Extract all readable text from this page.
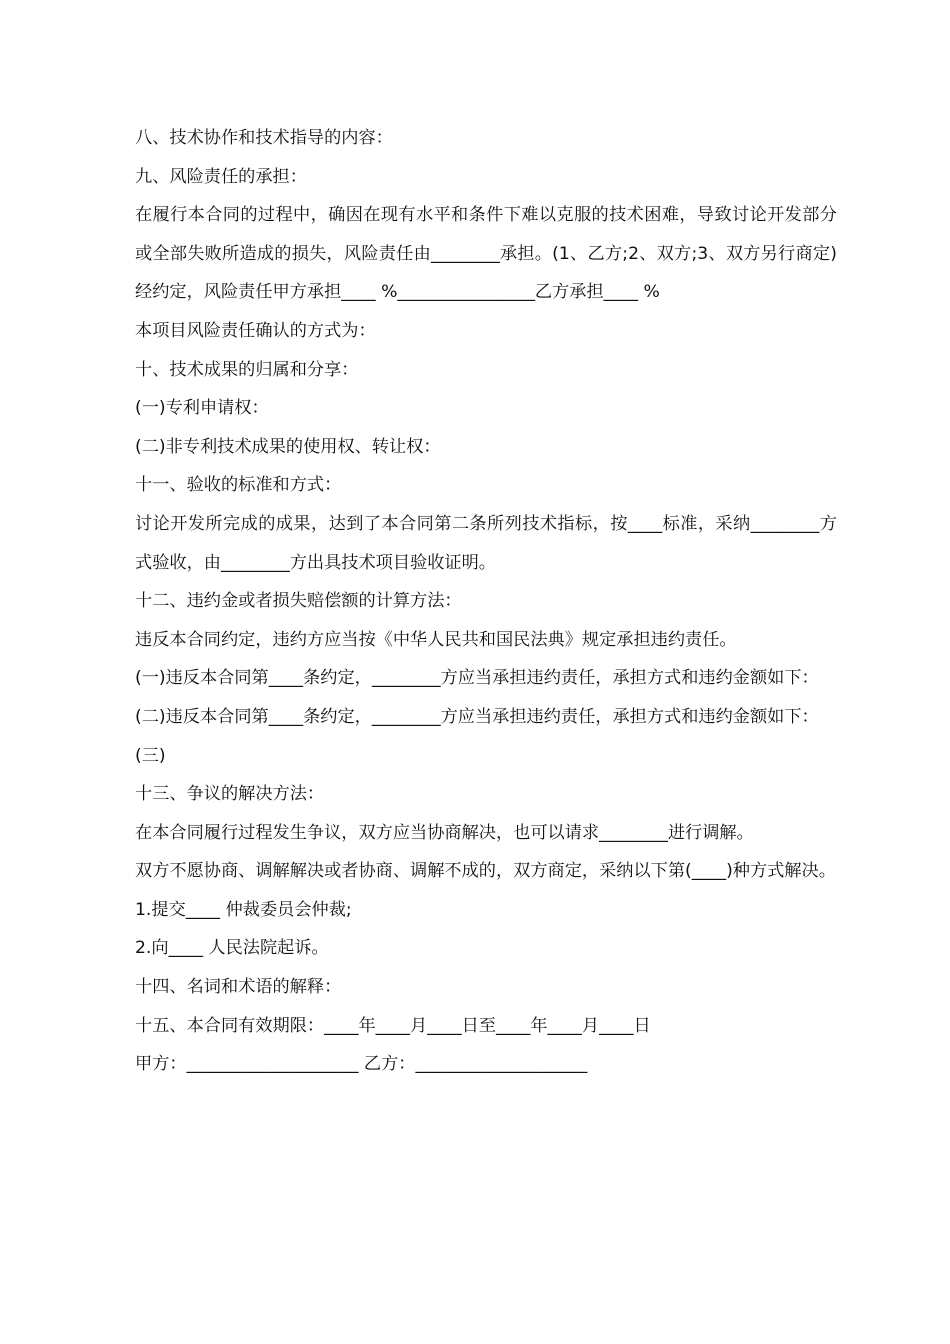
八、技术协作和技术指导的内容：

九、风险责任的承担：

在履行本合同的过程中，确因在现有水平和条件下难以克服的技术困难，导致讨论开发部分或全部失败所造成的损失，风险责任由________承担。(1、乙方;2、双方;3、双方另行商定)经约定，风险责任甲方承担____ %________________乙方承担____ %

本项目风险责任确认的方式为：

十、技术成果的归属和分享：

(一)专利申请权：

(二)非专利技术成果的使用权、转让权：

十一、验收的标准和方式：

讨论开发所完成的成果，达到了本合同第二条所列技术指标，按____标准，采纳________方式验收，由________方出具技术项目验收证明。

十二、违约金或者损失赔偿额的计算方法：

违反本合同约定，违约方应当按《中华人民共和国民法典》规定承担违约责任。

(一)违反本合同第____条约定，________方应当承担违约责任，承担方式和违约金额如下：

(二)违反本合同第____条约定，________方应当承担违约责任，承担方式和违约金额如下：

(三)

十三、争议的解决方法：

在本合同履行过程发生争议，双方应当协商解决，也可以请求________进行调解。

双方不愿协商、调解解决或者协商、调解不成的，双方商定，采纳以下第(____)种方式解决。

1.提交____ 仲裁委员会仲裁;

2.向____ 人民法院起诉。

十四、名词和术语的解释：

十五、本合同有效期限：____年____月____日至____年____月____日

甲方：____________________ 乙方：____________________
